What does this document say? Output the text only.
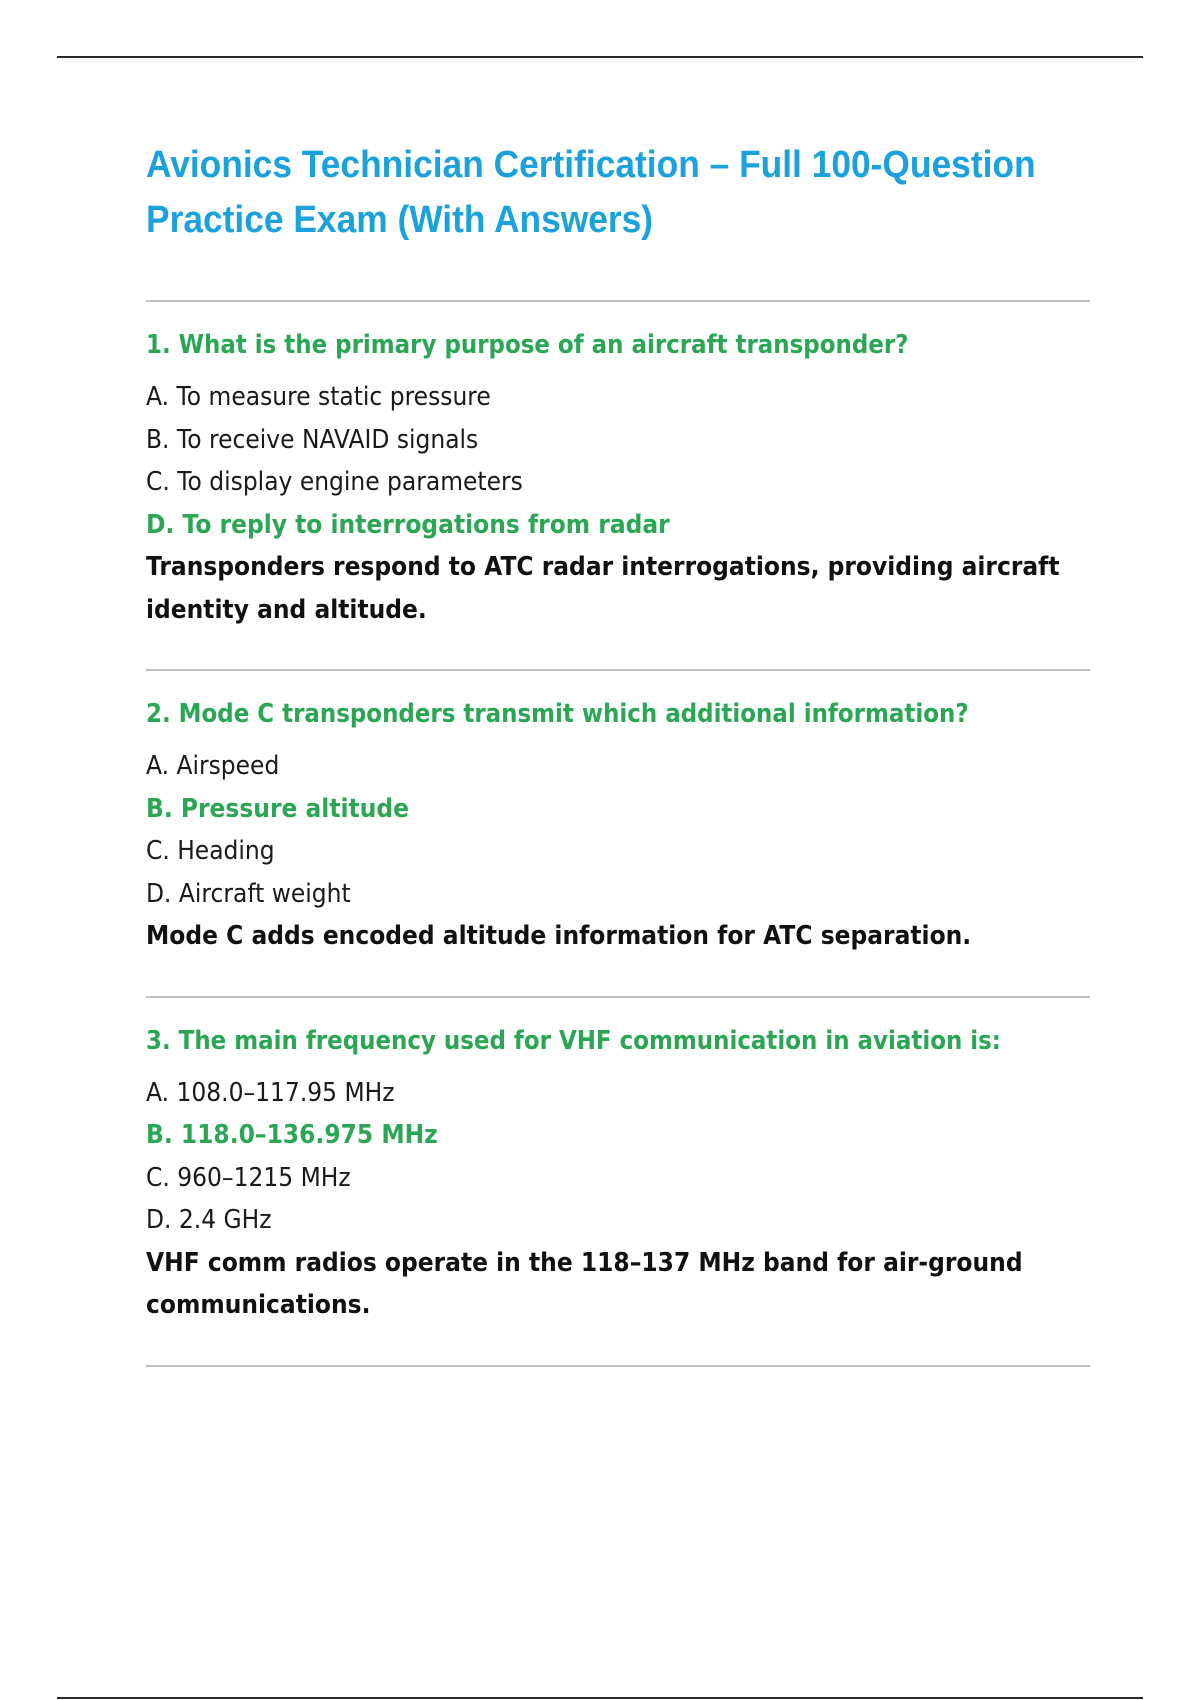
Avionics Technician Certification – Full 100-Question Practice Exam (With Answers)

1. What is the primary purpose of an aircraft transponder?

A. To measure static pressure
B. To receive NAVAID signals
C. To display engine parameters
D. To reply to interrogations from radar

Transponders respond to ATC radar interrogations, providing aircraft identity and altitude.

2. Mode C transponders transmit which additional information?

A. Airspeed
B. Pressure altitude
C. Heading
D. Aircraft weight

Mode C adds encoded altitude information for ATC separation.

3. The main frequency used for VHF communication in aviation is:

A. 108.0–117.95 MHz
B. 118.0–136.975 MHz
C. 960–1215 MHz
D. 2.4 GHz

VHF comm radios operate in the 118–137 MHz band for air-ground communications.
